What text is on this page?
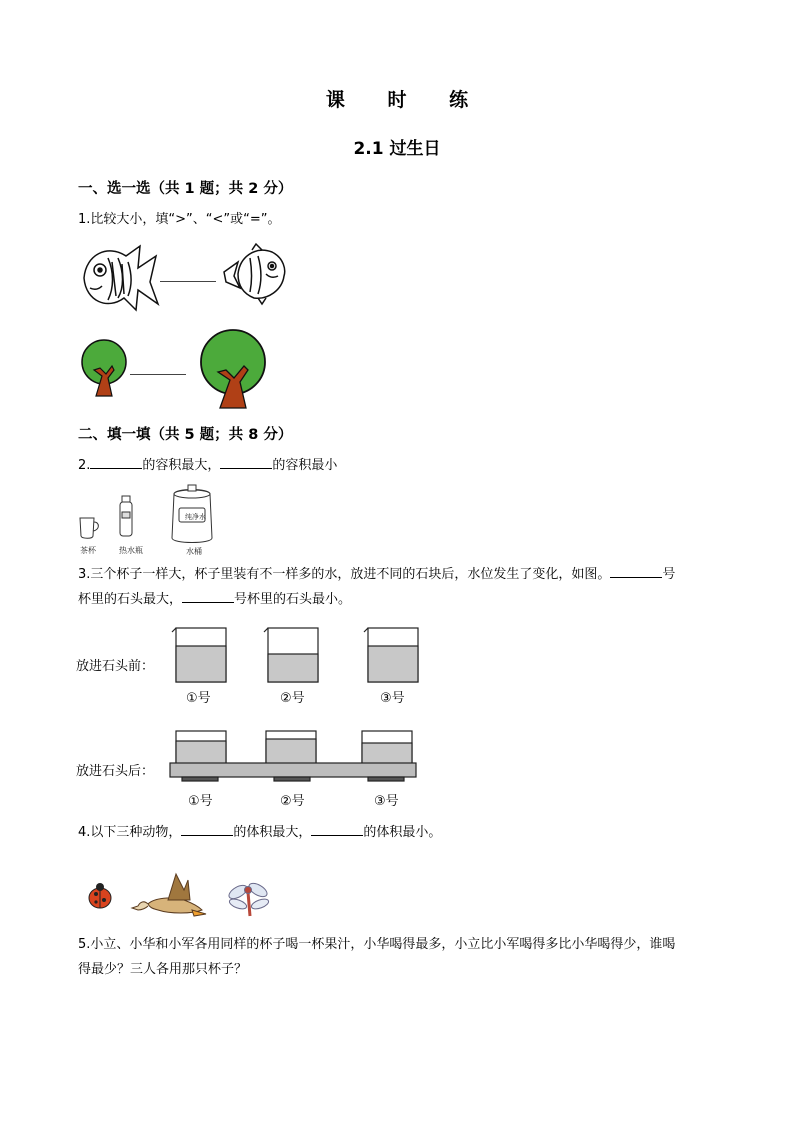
课 时 练
2.1 过生日
一、选一选（共 1 题；共 2 分）
1.比较大小，填“>”、“<”或“=”。
二、填一填（共 5 题；共 8 分）
2.	的容积最大，	的容积最小
茶杯	热水瓶	水桶
纯净水
3.三个杯子一样大，杯子里装有不一样多的水，放进不同的石块后，水位发生了变化，如图。	号
杯里的石头最大，	号杯里的石头最小。
放进石头前：
①号	②号	③号
放进石头后：
①号	②号	③号
4.以下三种动物，	的体积最大，	的体积最小。
5.小立、小华和小军各用同样的杯子喝一杯果汁，小华喝得最多，小立比小军喝得多比小华喝得少，谁喝
得最少？三人各用那只杯子？
